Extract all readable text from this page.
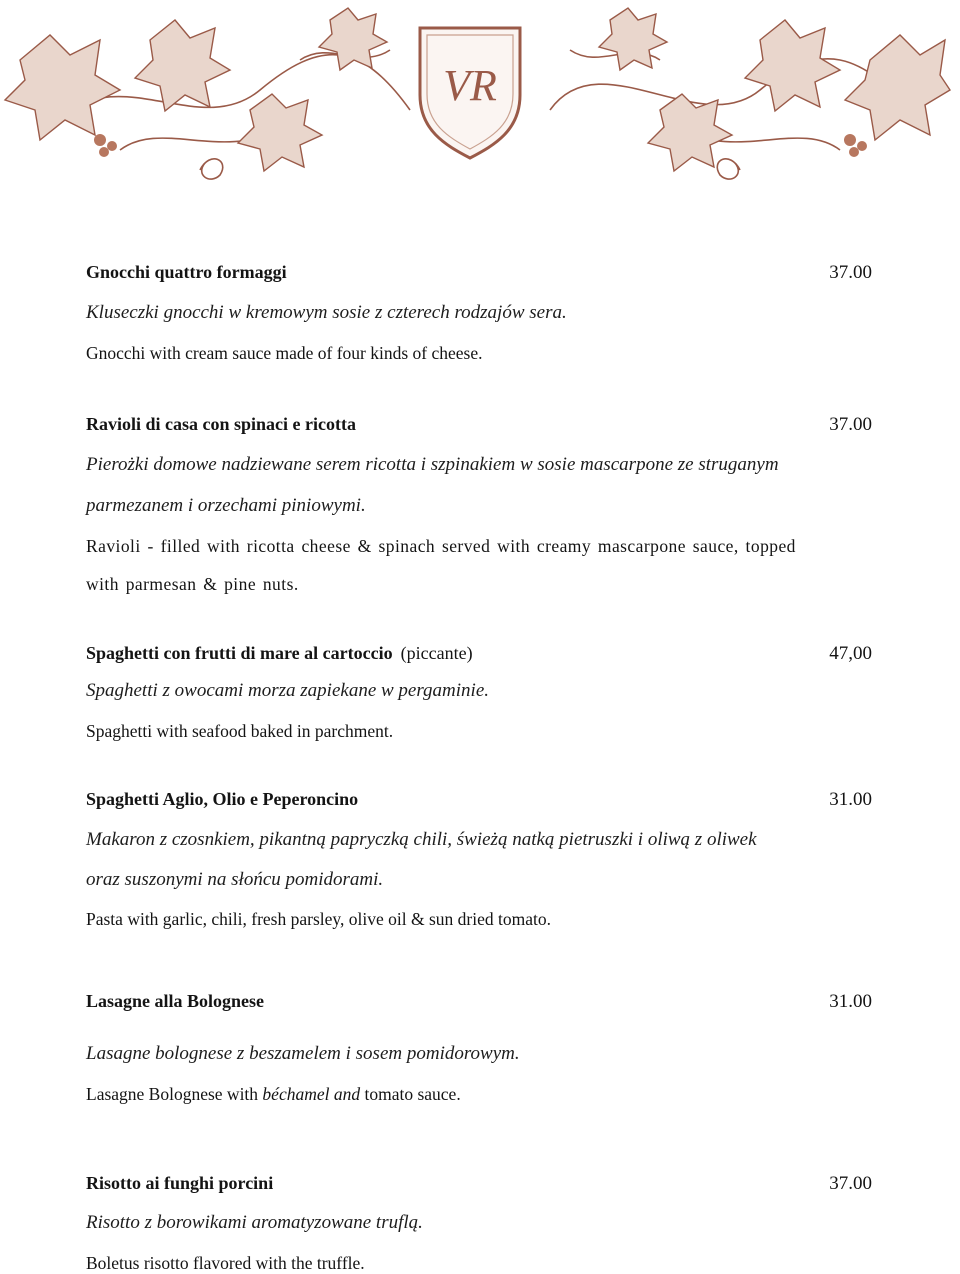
VR
Gnocchi quattro formaggi	37.00
Kluseczki gnocchi w kremowym sosie z czterech rodzajów sera.
Gnocchi with cream sauce made of four kinds of cheese.
Ravioli di casa con spinaci e ricotta	37.00
Pierożki domowe nadziewane serem ricotta i szpinakiem w sosie mascarpone ze struganym
parmezanem i orzechami piniowymi.
Ravioli - filled with ricotta cheese & spinach served with creamy mascarpone sauce, topped
with parmesan & pine nuts.
Spaghetti con frutti di mare al cartoccio (piccante)	47,00
Spaghetti z owocami morza zapiekane w pergaminie.
Spaghetti with seafood baked in parchment.
Spaghetti Aglio, Olio e Peperoncino	31.00
Makaron z czosnkiem, pikantną papryczką chili, świeżą natką pietruszki i oliwą z oliwek
oraz suszonymi na słońcu pomidorami.
Pasta with garlic, chili, fresh parsley, olive oil & sun dried tomato.
Lasagne alla Bolognese	31.00
Lasagne bolognese z beszamelem i sosem pomidorowym.
Lasagne Bolognese with béchamel and tomato sauce.
Risotto ai funghi porcini	37.00
Risotto z borowikami aromatyzowane truflą.
Boletus risotto flavored with the truffle.
